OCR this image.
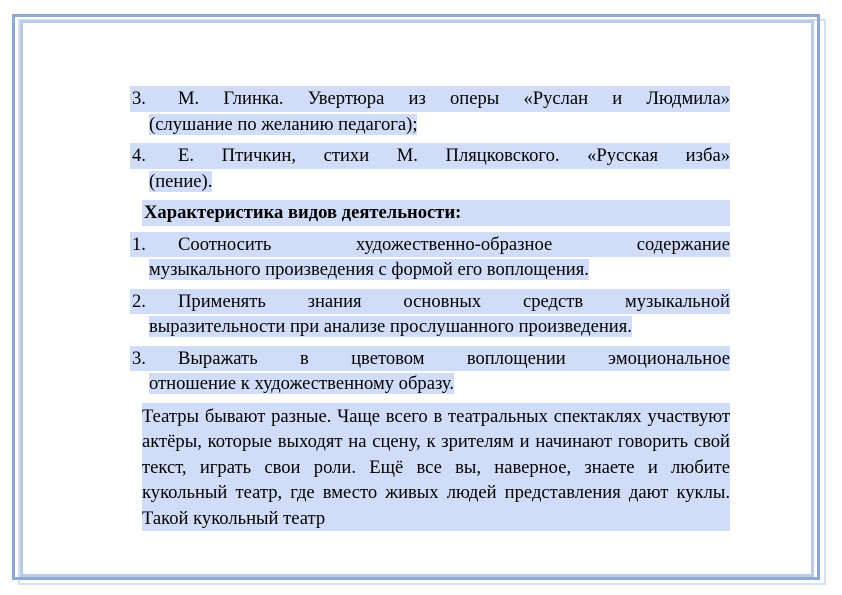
3.	М. Глинка. Увертюра из оперы «Руслан и Людмила»
(слушание по желанию педагога);
4.	Е. Птичкин, стихи М. Пляцковского. «Русская изба»
(пение).
Характеристика видов деятельности:
1.	Соотносить художественно-образное содержание
музыкального произведения с формой его воплощения.
2.	Применять знания основных средств музыкальной
выразительности при анализе прослушанного произведения.
3.	Выражать в цветовом воплощении эмоциональное
отношение к художественному образу.
Театры бывают разные. Чаще всего в театральных спектаклях участвуют актёры, которые выходят на сцену, к зрителям и начинают говорить свой текст, играть свои роли. Ещё все вы, наверное, знаете и любите кукольный театр, где вместо живых людей представления дают куклы. Такой кукольный театр
